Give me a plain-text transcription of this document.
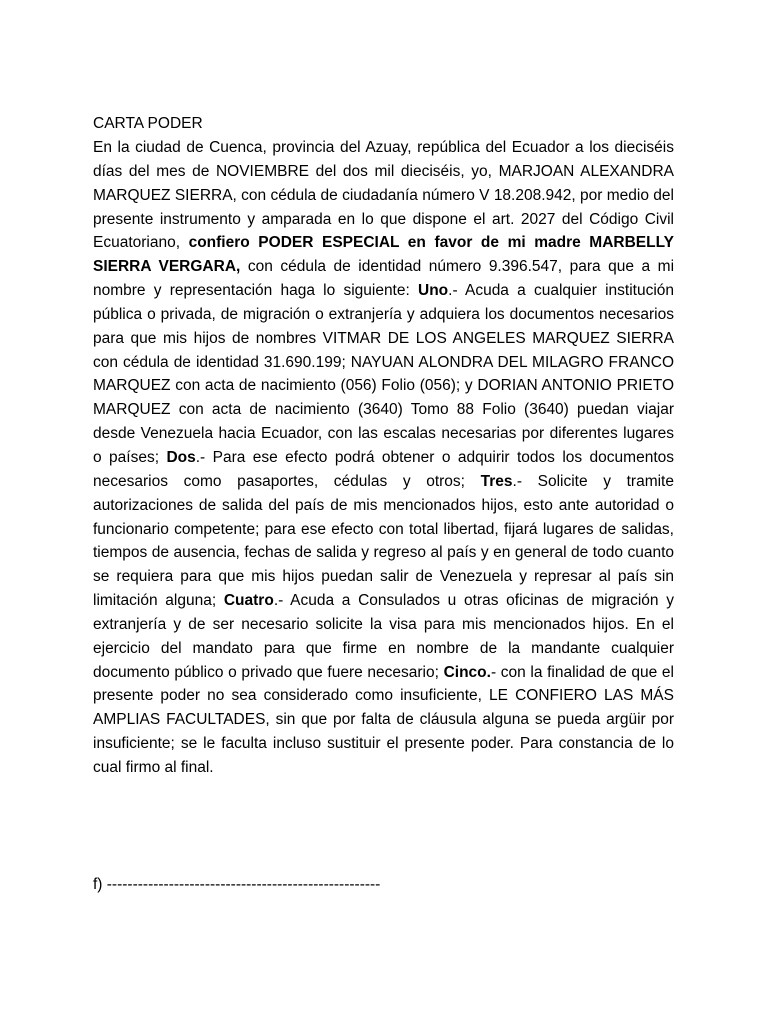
CARTA PODER

En la ciudad de Cuenca, provincia del Azuay, república del Ecuador a los dieciséis días del mes de NOVIEMBRE del dos mil dieciséis, yo, MARJOAN ALEXANDRA MARQUEZ SIERRA, con cédula de ciudadanía número V 18.208.942, por medio del presente instrumento y amparada en lo que dispone el art. 2027 del Código Civil Ecuatoriano, confiero PODER ESPECIAL en favor de mi madre MARBELLY SIERRA VERGARA, con cédula de identidad número 9.396.547, para que a mi nombre y representación haga lo siguiente: Uno.- Acuda a cualquier institución pública o privada, de migración o extranjería y adquiera los documentos necesarios para que mis hijos de nombres VITMAR DE LOS ANGELES MARQUEZ SIERRA con cédula de identidad 31.690.199; NAYUAN ALONDRA DEL MILAGRO FRANCO MARQUEZ con acta de nacimiento (056) Folio (056); y DORIAN ANTONIO PRIETO MARQUEZ con acta de nacimiento (3640) Tomo 88 Folio (3640) puedan viajar desde Venezuela hacia Ecuador, con las escalas necesarias por diferentes lugares o países; Dos.- Para ese efecto podrá obtener o adquirir todos los documentos necesarios como pasaportes, cédulas y otros; Tres.- Solicite y tramite autorizaciones de salida del país de mis mencionados hijos, esto ante autoridad o funcionario competente; para ese efecto con total libertad, fijará lugares de salidas, tiempos de ausencia, fechas de salida y regreso al país y en general de todo cuanto se requiera para que mis hijos puedan salir de Venezuela y represar al país sin limitación alguna; Cuatro.- Acuda a Consulados u otras oficinas de migración y extranjería y de ser necesario solicite la visa para mis mencionados hijos. En el ejercicio del mandato para que firme en nombre de la mandante cualquier documento público o privado que fuere necesario; Cinco.- con la finalidad de que el presente poder no sea considerado como insuficiente, LE CONFIERO LAS MÁS AMPLIAS FACULTADES, sin que por falta de cláusula alguna se pueda argüir por insuficiente; se le faculta incluso sustituir el presente poder. Para constancia de lo cual firmo al final.

f) -----------------------------------------------------
